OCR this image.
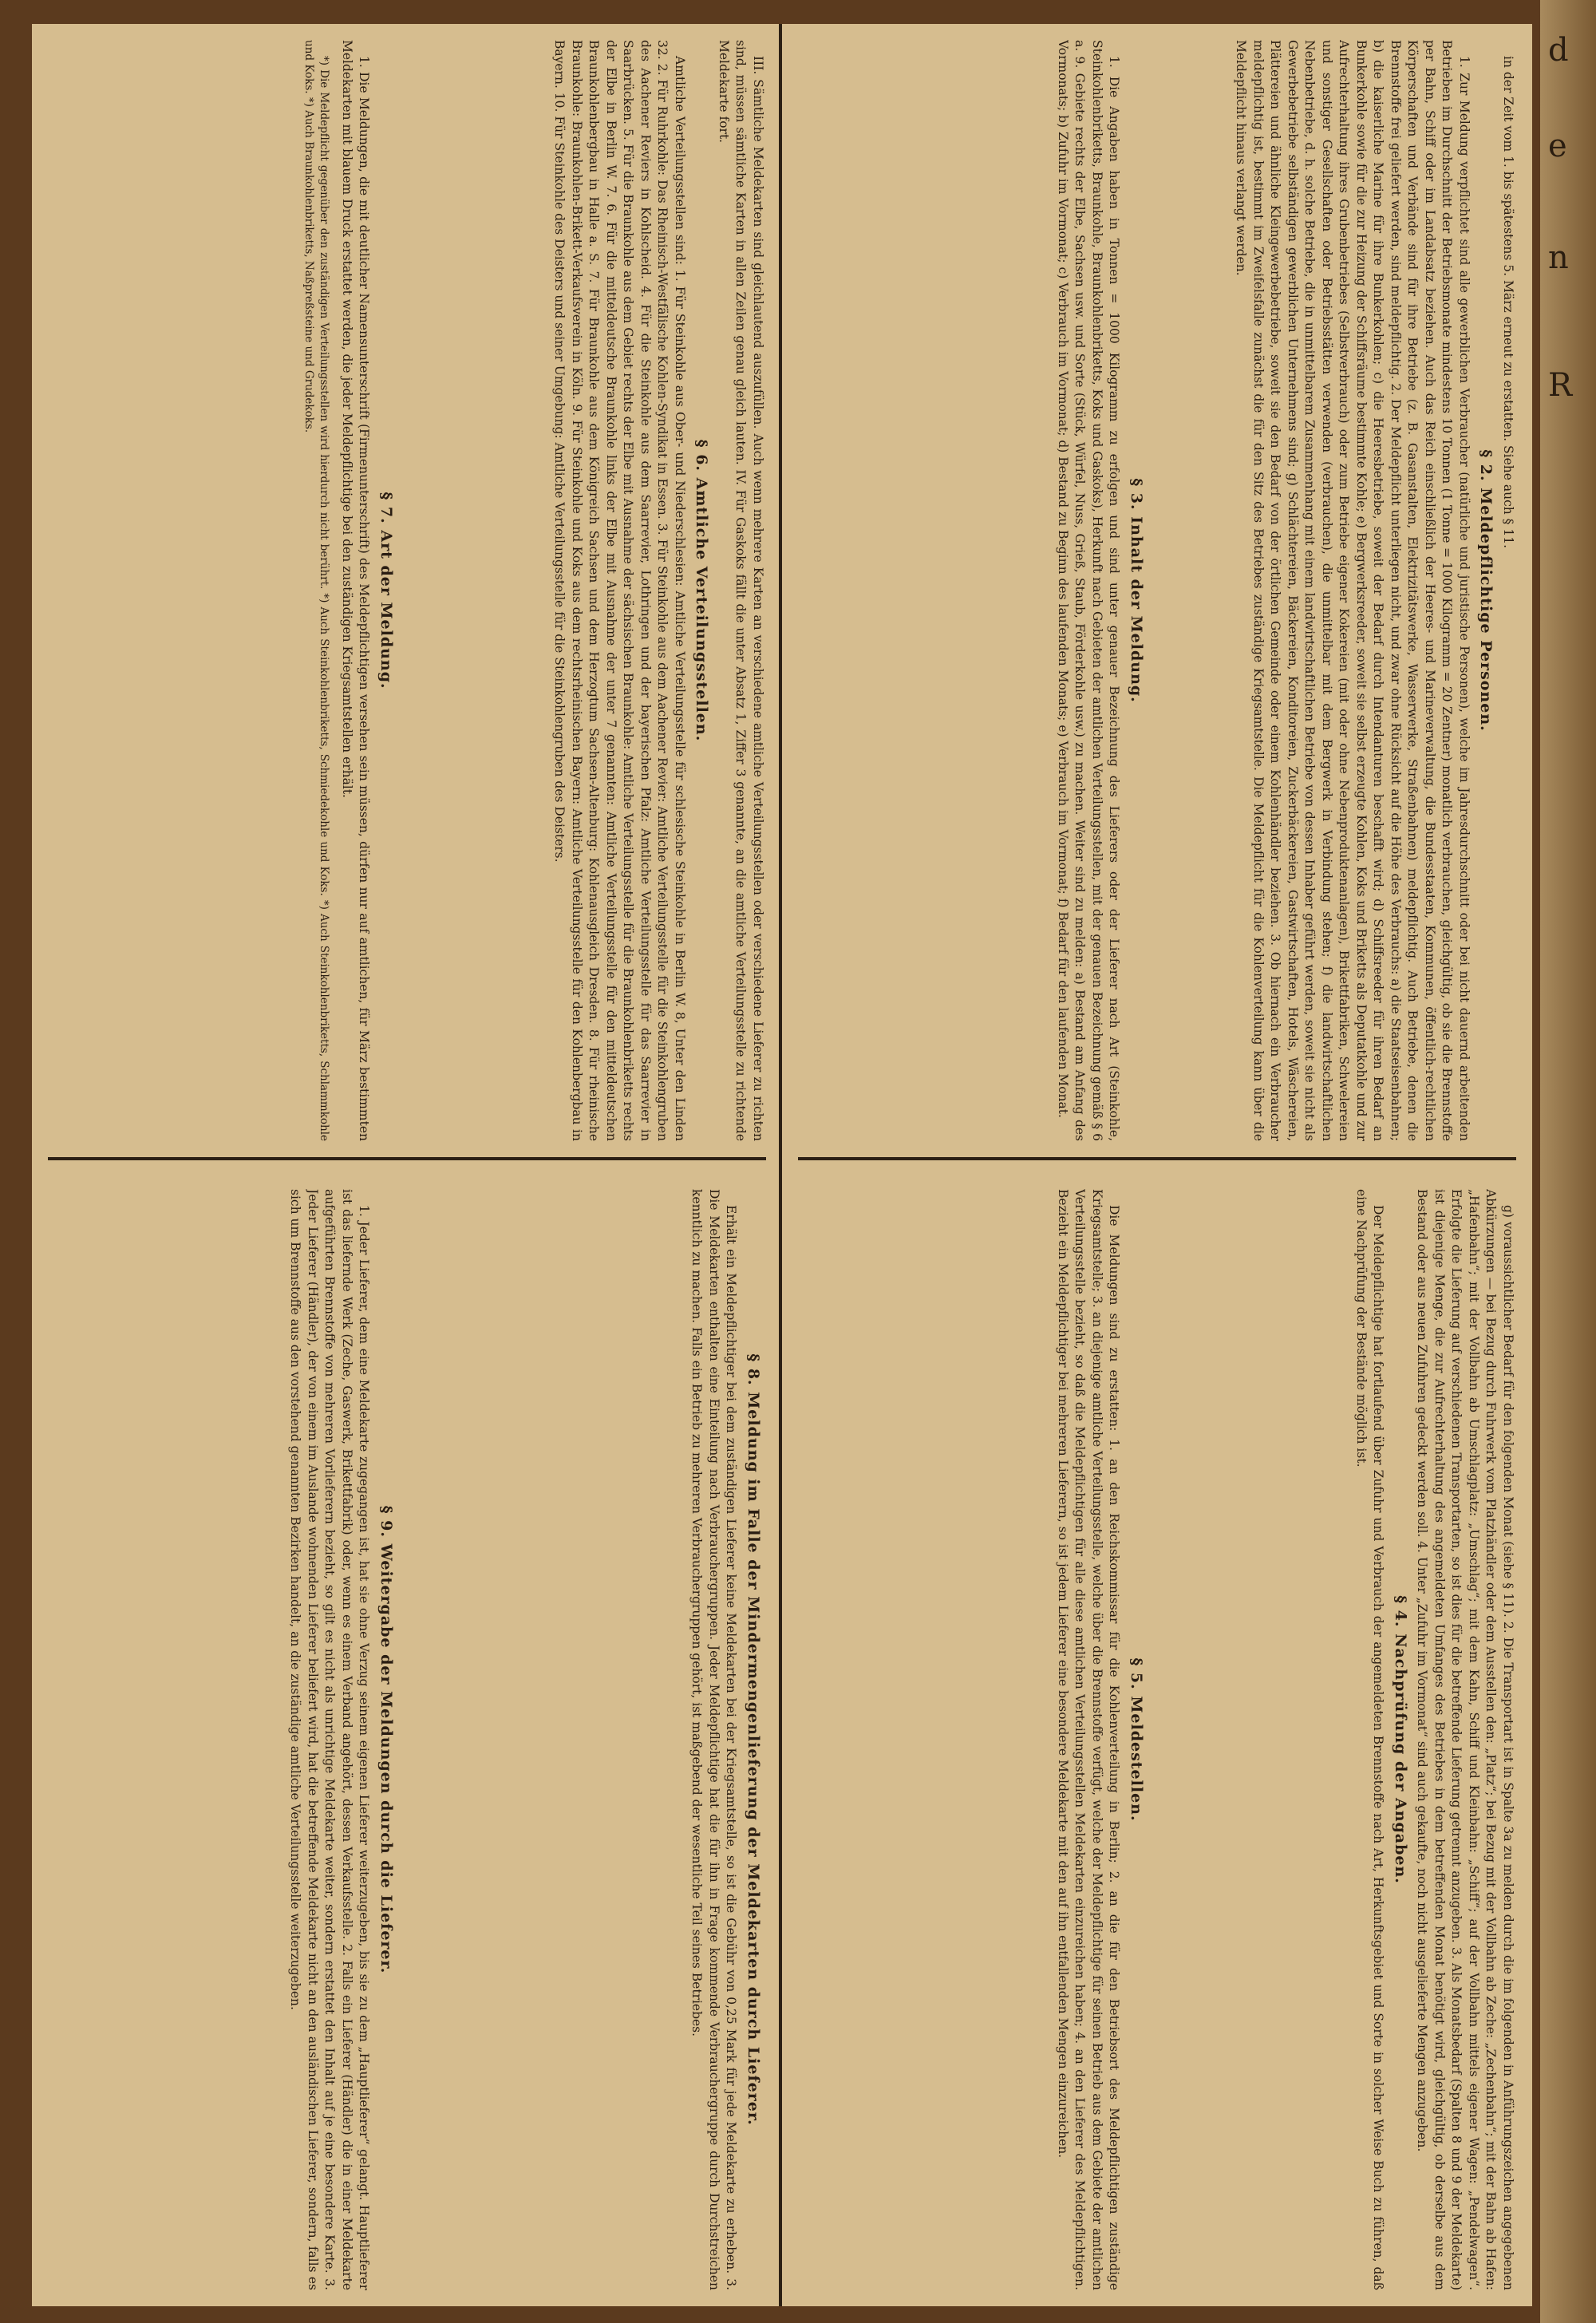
in der Zeit vom 1. bis spätestens 5. März erneut zu erstatten. Siehe auch § 11.

§ 2. Meldepflichtige Personen.

1. Zur Meldung verpflichtet sind alle gewerblichen Verbraucher (natürliche und juristische Personen), welche im Jahresdurchschnitt oder bei nicht dauernd arbeitenden Betrieben im Durchschnitt der Betriebsmonate mindestens 10 Tonnen (1 Tonne = 1000 Kilogramm = 20 Zentner) monatlich verbrauchen, gleichgültig, ob sie die Brennstoffe per Bahn, Schiff oder im Landabsatz beziehen. Auch das Reich einschließlich der Heeres- und Marineverwaltung, die Bundesstaaten, Kommunen, öffentlich-rechtlichen Körperschaften und Verbände sind für ihre Betriebe (z. B. Gasanstalten, Elektrizitätswerke, Wasserwerke, Straßenbahnen) meldepflichtig. Auch Betriebe, denen die Brennstoffe frei geliefert werden, sind meldepflichtig. 2. Der Meldepflicht unterliegen nicht, und zwar ohne Rücksicht auf die Höhe des Verbrauchs: a) die Staatseisenbahnen; b) die kaiserliche Marine für ihre Bunkerkohlen; c) die Heeresbetriebe, soweit der Bedarf durch Intendanturen beschafft wird; d) Schiffsreeder für ihren Bedarf an Bunkerkohle sowie für die zur Heizung der Schiffsräume bestimmte Kohle; e) Bergwerksreeder, soweit sie selbst erzeugte Kohlen, Koks und Briketts als Deputatkohle und zur Aufrechterhaltung ihres Grubenbetriebes (Selbstverbrauch) oder zum Betriebe eigener Kokereien (mit oder ohne Nebenproduktenanlagen), Brikettfabriken, Schwelereien und sonstiger Gesellschaften oder Betriebsstätten verwenden (verbrauchen), die unmittelbar mit dem Bergwerk in Verbindung stehen; f) die landwirtschaftlichen Nebenbetriebe, d. h. solche Betriebe, die in unmittelbarem Zusammenhang mit einem landwirtschaftlichen Betriebe von dessen Inhaber geführt werden, soweit sie nicht als Gewerbebetriebe selbständigen gewerblichen Unternehmens sind; g) Schlächtereien, Bäckereien, Konditoreien, Zuckerbäckereien, Gastwirtschaften, Hotels, Wäschereien, Plättereien und ähnliche Kleingewerbebetriebe, soweit sie den Bedarf von der örtlichen Gemeinde oder einem Kohlenhändler beziehen. 3. Ob hiernach ein Verbraucher meldepflichtig ist, bestimmt im Zweifelsfalle zunächst die für den Sitz des Betriebes zuständige Kriegsamtstelle. Die Meldepflicht für die Kohlenverteilung kann über die Meldepflicht hinaus verlangt werden.

§ 3. Inhalt der Meldung.

1. Die Angaben haben in Tonnen = 1000 Kilogramm zu erfolgen und sind unter genauer Bezeichnung des Lieferers oder der Lieferer nach Art (Steinkohle, Steinkohlenbriketts, Braunkohle, Braunkohlenbriketts, Koks und Gaskoks), Herkunft nach Gebieten der amtlichen Verteilungsstellen, mit der genauen Bezeichnung gemäß § 6 a. 9. Gebiete rechts der Elbe, Sachsen usw. und Sorte (Stück, Würfel, Nuss, Grieß, Staub, Förderkohle usw.) zu machen. Weiter sind zu melden: a) Bestand am Anfang des Vormonats; b) Zufuhr im Vormonat; c) Verbrauch im Vormonat; d) Bestand zu Beginn des laufenden Monats; e) Verbrauch im Vormonat; f) Bedarf für den laufenden Monat.

g) voraussichtlicher Bedarf für den folgenden Monat (siehe § 11). 2. Die Transportart ist in Spalte 3a zu melden durch die im folgenden in Anführungszeichen angegebenen Abkürzungen — bei Bezug durch Fuhrwerk vom Platzhändler oder dem Ausstellen den: „Platz“; bei Bezug mit der Vollbahn ab Zeche: „Zechenbahn“; mit der Bahn ab Hafen: „Hafenbahn“; mit der Vollbahn ab Umschlagplatz: „Umschlag“; mit dem Kahn, Schiff und Kleinbahn: „Schiff“; auf der Vollbahn mittels eigener Wagen: „Pendelwagen“. Erfolgte die Lieferung auf verschiedenen Transportarten, so ist dies für die betreffende Lieferung getrennt anzugeben. 3. Als Monatsbedarf (Spalten 8 und 9 der Meldekarte) ist diejenige Menge, die zur Aufrechterhaltung des angemeldeten Umfanges des Betriebes in dem betreffenden Monat benötigt wird, gleichgültig, ob derselbe aus dem Bestand oder aus neuen Zufuhren gedeckt werden soll. 4. Unter „Zufuhr im Vormonat“ sind auch gekaufte, noch nicht ausgelieferte Mengen anzugeben.

§ 4. Nachprüfung der Angaben.

Der Meldepflichtige hat fortlaufend über Zufuhr und Verbrauch der angemeldeten Brennstoffe nach Art, Herkunftsgebiet und Sorte in solcher Weise Buch zu führen, daß eine Nachprüfung der Bestände möglich ist.

§ 5. Meldestellen.

Die Meldungen sind zu erstatten: 1. an den Reichskommissar für die Kohlenverteilung in Berlin; 2. an die für den Betriebsort des Meldepflichtigen zuständige Kriegsamtstelle; 3. an diejenige amtliche Verteilungsstelle, welche über die Brennstoffe verfügt, welche der Meldepflichtige für seinen Betrieb aus dem Gebiete der amtlichen Verteilungsstelle bezieht, so daß die Meldepflichtigen für alle diese amtlichen Verteilungsstellen Meldekarten einzureichen haben; 4. an den Lieferer des Meldepflichtigen. Bezieht ein Meldepflichtiger bei mehreren Lieferern, so ist jedem Lieferer eine besondere Meldekarte mit den auf ihn entfallenden Mengen einzureichen.

III. Sämtliche Meldekarten sind gleichlautend auszufüllen. Auch wenn mehrere Karten an verschiedene amtliche Verteilungsstellen oder verschiedene Lieferer zu richten sind, müssen sämtliche Karten in allen Zeilen genau gleich lauten. IV. Für Gaskoks fällt die unter Absatz 1, Ziffer 3 genannte, an die amtliche Verteilungsstelle zu richtende Meldekarte fort.

§ 6. Amtliche Verteilungsstellen.

Amtliche Verteilungsstellen sind: 1. Für Steinkohle aus Ober- und Niederschlesien: Amtliche Verteilungsstelle für schlesische Steinkohle in Berlin W. 8, Unter den Linden 32. 2. Für Ruhrkohle: Das Rheinisch-Westfälische Kohlen-Syndikat in Essen. 3. Für Steinkohle aus dem Aachener Revier: Amtliche Verteilungsstelle für die Steinkohlengruben des Aachener Reviers in Kohlscheid. 4. Für die Steinkohle aus dem Saarrevier, Lothringen und der bayerischen Pfalz: Amtliche Verteilungsstelle für das Saarrevier in Saarbrücken. 5. Für die Braunkohle aus dem Gebiet rechts der Elbe mit Ausnahme der sächsischen Braunkohle: Amtliche Verteilungsstelle für die Braunkohlenbriketts rechts der Elbe in Berlin W. 7. 6. Für die mitteldeutsche Braunkohle links der Elbe mit Ausnahme der unter 7 genannten: Amtliche Verteilungsstelle für den mitteldeutschen Braunkohlenbergbau in Halle a. S. 7. Für Braunkohle aus dem Königreich Sachsen und dem Herzogtum Sachsen-Altenburg: Kohlenausgleich Dresden. 8. Für rheinische Braunkohle: Braunkohlen-Brikett-Verkaufsverein in Köln. 9. Für Steinkohle und Koks aus dem rechtsrheinischen Bayern: Amtliche Verteilungsstelle für den Kohlenbergbau in Bayern. 10. Für Steinkohle des Deisters und seiner Umgebung: Amtliche Verteilungsstelle für die Steinkohlengruben des Deisters.

§ 7. Art der Meldung.

1. Die Meldungen, die mit deutlicher Namensunterschrift (Firmenunterschrift) des Meldepflichtigen versehen sein müssen, dürfen nur auf amtlichen, für März bestimmten Meldekarten mit blauem Druck erstattet werden, die jeder Meldepflichtige bei den zuständigen Kriegsamtstellen erhält.

*) Die Meldepflicht gegenüber den zuständigen Verteilungsstellen wird hierdurch nicht berührt. *) Auch Steinkohlenbriketts, Schmiedekohle und Koks. *) Auch Steinkohlenbriketts, Schlammkohle und Koks. *) Auch Braunkohlenbriketts, Naßpreßsteine und Grudekoks.

§ 8. Meldung im Falle der Mindermengenlieferung der Meldekarten durch Lieferer.

Erhält ein Meldepflichtiger bei dem zuständigen Lieferer keine Meldekarten bei der Kriegsamtstelle, so ist die Gebühr von 0,25 Mark für jede Meldekarte zu erheben. 3. Die Meldekarten enthalten eine Einteilung nach Verbrauchergruppen. Jeder Meldepflichtige hat die für ihn in Frage kommende Verbrauchergruppe durch Durchstreichen kenntlich zu machen. Falls ein Betrieb zu mehreren Verbrauchergruppen gehört, ist maßgebend der wesentliche Teil seines Betriebes.

§ 9. Weitergabe der Meldungen durch die Lieferer.

1. Jeder Lieferer, dem eine Meldekarte zugegangen ist, hat sie ohne Verzug seinem eigenen Lieferer weiterzugeben, bis sie zu dem „Hauptlieferer“ gelangt. Hauptlieferer ist das liefernde Werk (Zeche, Gaswerk, Brikettfabrik) oder, wenn es einem Verband angehört, dessen Verkaufsstelle. 2. Falls ein Lieferer (Händler) die in einer Meldekarte aufgeführten Brennstoffe von mehreren Vorlieferern bezieht, so gilt es nicht als unrichtige Meldekarte weiter, sondern erstattet den Inhalt auf je eine besondere Karte. 3. Jeder Lieferer (Händler), der von einem im Auslande wohnenden Lieferer beliefert wird, hat die betreffende Meldekarte nicht an den ausländischen Lieferer, sondern, falls es sich um Brennstoffe aus den vorstehend genannten Bezirken handelt, an die zuständige amtliche Verteilungsstelle weiterzugeben.

d
e
n
R
